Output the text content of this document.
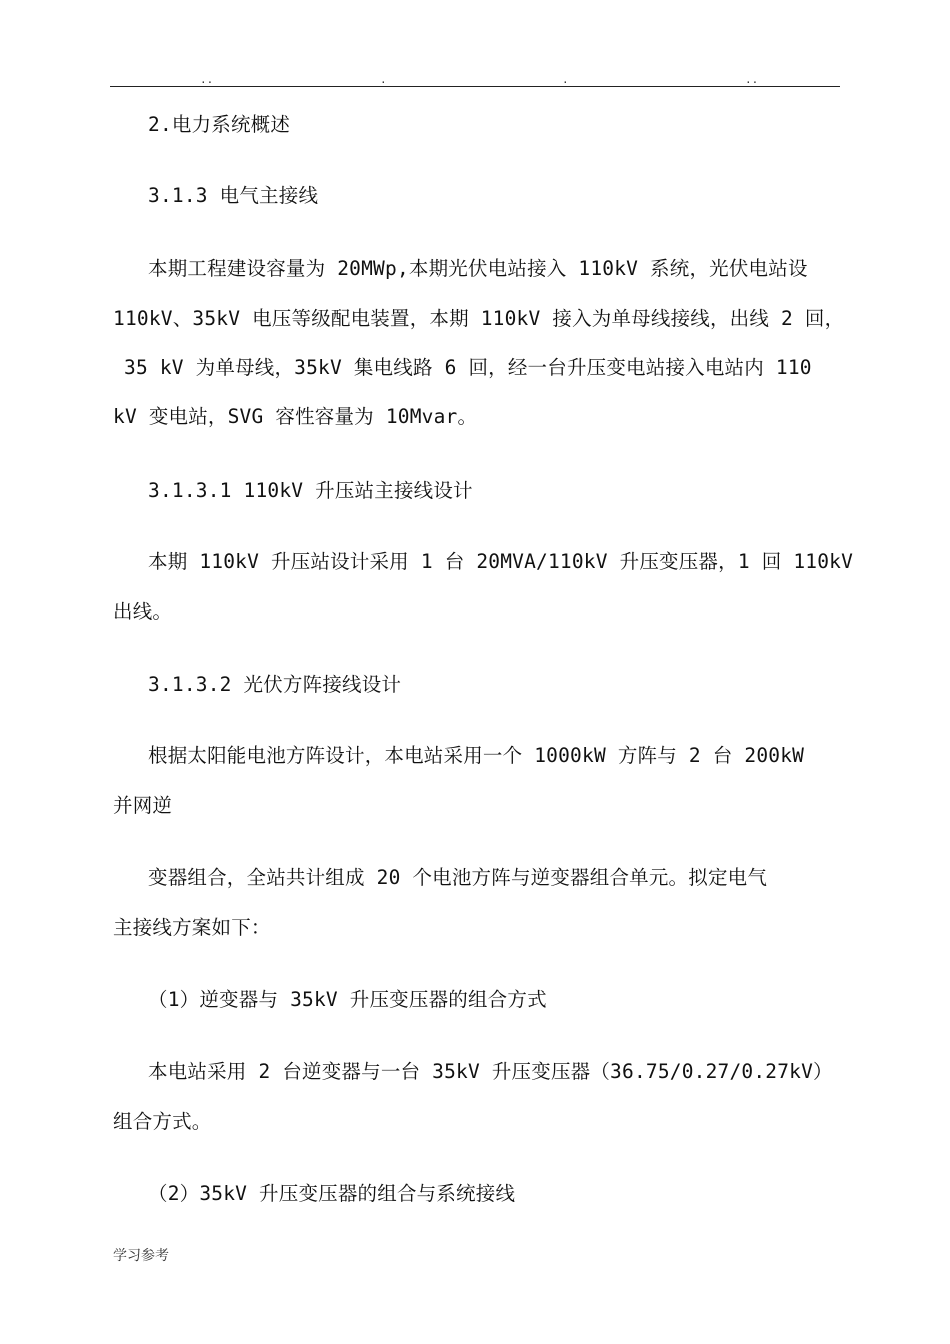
..	.	.	..

2.电力系统概述

3.1.3 电气主接线

本期工程建设容量为 20MWp,本期光伏电站接入 110kV 系统，光伏电站设

110kV、35kV 电压等级配电装置，本期 110kV 接入为单母线接线，出线 2 回，

35 kV 为单母线，35kV 集电线路 6 回，经一台升压变电站接入电站内 110

kV 变电站，SVG 容性容量为 10Mvar。

3.1.3.1 110kV 升压站主接线设计

本期 110kV 升压站设计采用 1 台 20MVA/110kV 升压变压器，1 回 110kV

出线。

3.1.3.2 光伏方阵接线设计

根据太阳能电池方阵设计，本电站采用一个 1000kW 方阵与 2 台 200kW

并网逆

变器组合，全站共计组成 20 个电池方阵与逆变器组合单元。拟定电气

主接线方案如下：

（1）逆变器与 35kV 升压变压器的组合方式

本电站采用 2 台逆变器与一台 35kV 升压变压器（36.75/0.27/0.27kV）

组合方式。

（2）35kV 升压变压器的组合与系统接线

学习参考
